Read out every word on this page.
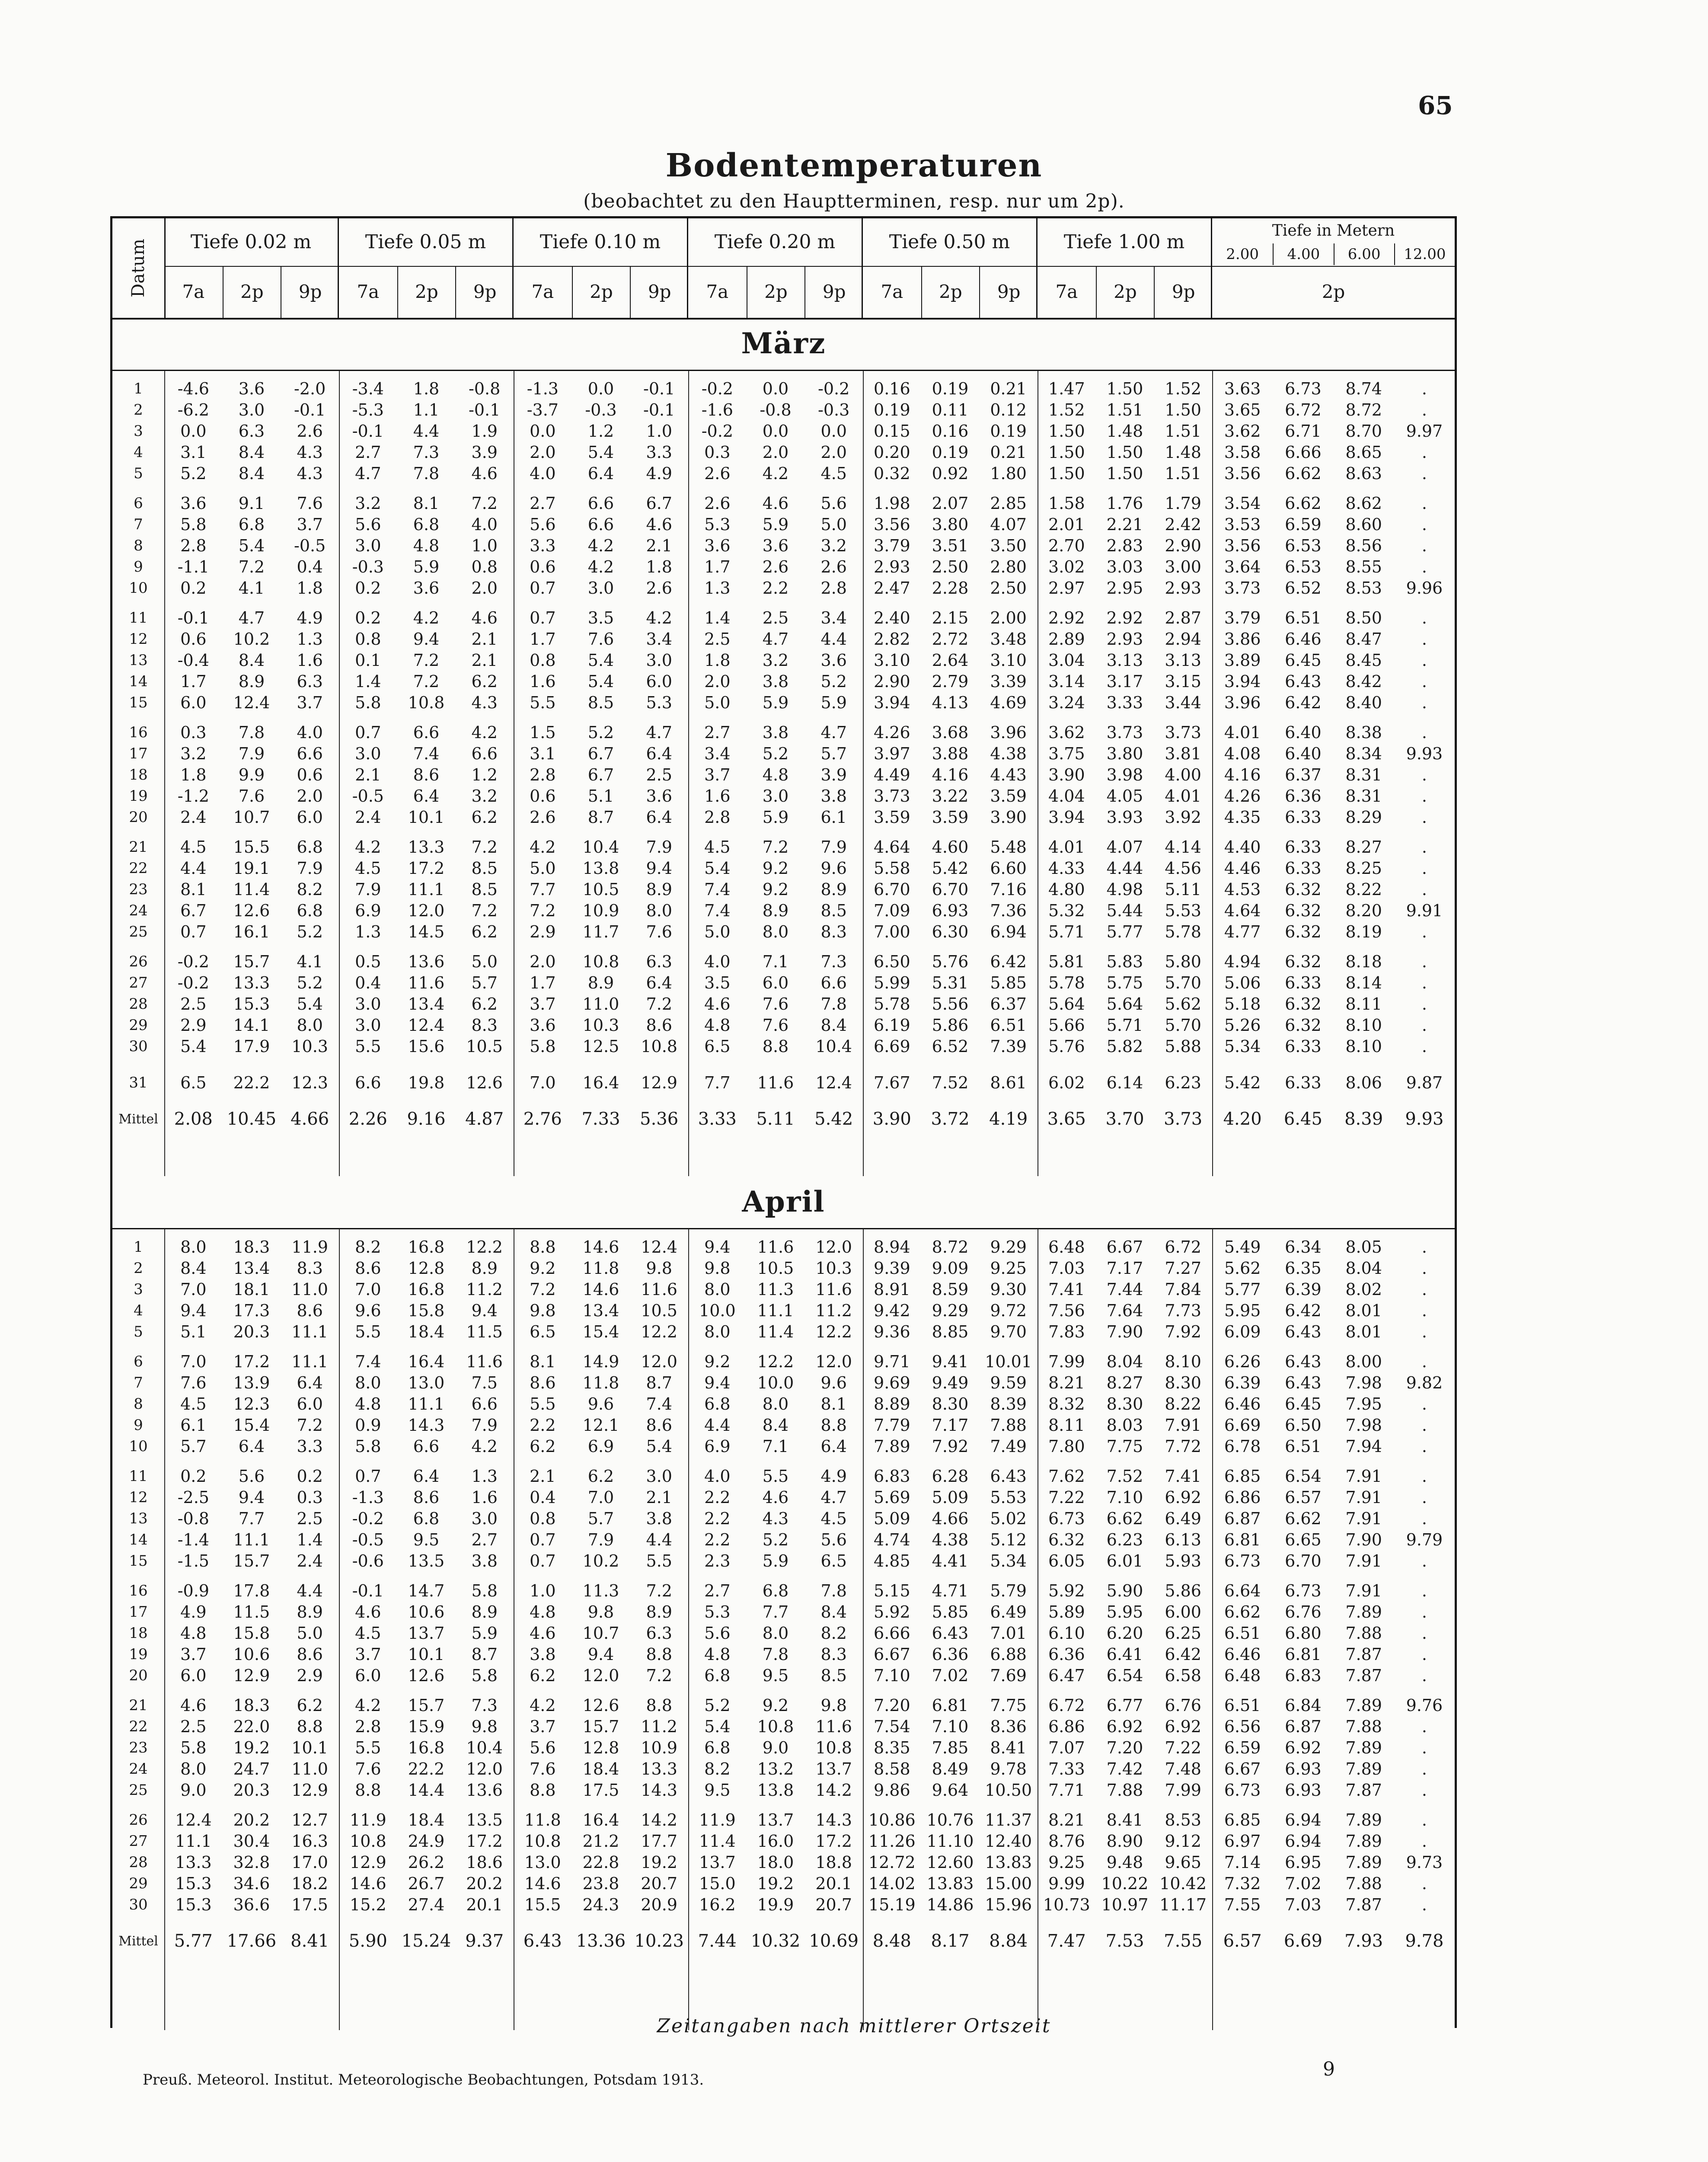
65
Bodentemperaturen
(beobachtet zu den Hauptterminen, resp. nur um 2p).
Datum	Tiefe 0.02 m
7a	2p	9p
Tiefe 0.05 m
7a	2p	9p
Tiefe 0.10 m
7a	2p	9p
Tiefe 0.20 m
7a	2p	9p
Tiefe 0.50 m
7a	2p	9p
Tiefe 1.00 m
7a	2p	9p
Tiefe in Metern
2.00	4.00	6.00	12.00
2p
März
1	-4.6	3.6	-2.0	-3.4	1.8	-0.8	-1.3	0.0	-0.1	-0.2	0.0	-0.2	0.16	0.19	0.21	1.47	1.50	1.52	3.63	6.73	8.74	.
2	-6.2	3.0	-0.1	-5.3	1.1	-0.1	-3.7	-0.3	-0.1	-1.6	-0.8	-0.3	0.19	0.11	0.12	1.52	1.51	1.50	3.65	6.72	8.72	.
3	0.0	6.3	2.6	-0.1	4.4	1.9	0.0	1.2	1.0	-0.2	0.0	0.0	0.15	0.16	0.19	1.50	1.48	1.51	3.62	6.71	8.70	9.97
4	3.1	8.4	4.3	2.7	7.3	3.9	2.0	5.4	3.3	0.3	2.0	2.0	0.20	0.19	0.21	1.50	1.50	1.48	3.58	6.66	8.65	.
5	5.2	8.4	4.3	4.7	7.8	4.6	4.0	6.4	4.9	2.6	4.2	4.5	0.32	0.92	1.80	1.50	1.50	1.51	3.56	6.62	8.63	.
6	3.6	9.1	7.6	3.2	8.1	7.2	2.7	6.6	6.7	2.6	4.6	5.6	1.98	2.07	2.85	1.58	1.76	1.79	3.54	6.62	8.62	.
7	5.8	6.8	3.7	5.6	6.8	4.0	5.6	6.6	4.6	5.3	5.9	5.0	3.56	3.80	4.07	2.01	2.21	2.42	3.53	6.59	8.60	.
8	2.8	5.4	-0.5	3.0	4.8	1.0	3.3	4.2	2.1	3.6	3.6	3.2	3.79	3.51	3.50	2.70	2.83	2.90	3.56	6.53	8.56	.
9	-1.1	7.2	0.4	-0.3	5.9	0.8	0.6	4.2	1.8	1.7	2.6	2.6	2.93	2.50	2.80	3.02	3.03	3.00	3.64	6.53	8.55	.
10	0.2	4.1	1.8	0.2	3.6	2.0	0.7	3.0	2.6	1.3	2.2	2.8	2.47	2.28	2.50	2.97	2.95	2.93	3.73	6.52	8.53	9.96
11	-0.1	4.7	4.9	0.2	4.2	4.6	0.7	3.5	4.2	1.4	2.5	3.4	2.40	2.15	2.00	2.92	2.92	2.87	3.79	6.51	8.50	.
12	0.6	10.2	1.3	0.8	9.4	2.1	1.7	7.6	3.4	2.5	4.7	4.4	2.82	2.72	3.48	2.89	2.93	2.94	3.86	6.46	8.47	.
13	-0.4	8.4	1.6	0.1	7.2	2.1	0.8	5.4	3.0	1.8	3.2	3.6	3.10	2.64	3.10	3.04	3.13	3.13	3.89	6.45	8.45	.
14	1.7	8.9	6.3	1.4	7.2	6.2	1.6	5.4	6.0	2.0	3.8	5.2	2.90	2.79	3.39	3.14	3.17	3.15	3.94	6.43	8.42	.
15	6.0	12.4	3.7	5.8	10.8	4.3	5.5	8.5	5.3	5.0	5.9	5.9	3.94	4.13	4.69	3.24	3.33	3.44	3.96	6.42	8.40	.
16	0.3	7.8	4.0	0.7	6.6	4.2	1.5	5.2	4.7	2.7	3.8	4.7	4.26	3.68	3.96	3.62	3.73	3.73	4.01	6.40	8.38	.
17	3.2	7.9	6.6	3.0	7.4	6.6	3.1	6.7	6.4	3.4	5.2	5.7	3.97	3.88	4.38	3.75	3.80	3.81	4.08	6.40	8.34	9.93
18	1.8	9.9	0.6	2.1	8.6	1.2	2.8	6.7	2.5	3.7	4.8	3.9	4.49	4.16	4.43	3.90	3.98	4.00	4.16	6.37	8.31	.
19	-1.2	7.6	2.0	-0.5	6.4	3.2	0.6	5.1	3.6	1.6	3.0	3.8	3.73	3.22	3.59	4.04	4.05	4.01	4.26	6.36	8.31	.
20	2.4	10.7	6.0	2.4	10.1	6.2	2.6	8.7	6.4	2.8	5.9	6.1	3.59	3.59	3.90	3.94	3.93	3.92	4.35	6.33	8.29	.
21	4.5	15.5	6.8	4.2	13.3	7.2	4.2	10.4	7.9	4.5	7.2	7.9	4.64	4.60	5.48	4.01	4.07	4.14	4.40	6.33	8.27	.
22	4.4	19.1	7.9	4.5	17.2	8.5	5.0	13.8	9.4	5.4	9.2	9.6	5.58	5.42	6.60	4.33	4.44	4.56	4.46	6.33	8.25	.
23	8.1	11.4	8.2	7.9	11.1	8.5	7.7	10.5	8.9	7.4	9.2	8.9	6.70	6.70	7.16	4.80	4.98	5.11	4.53	6.32	8.22	.
24	6.7	12.6	6.8	6.9	12.0	7.2	7.2	10.9	8.0	7.4	8.9	8.5	7.09	6.93	7.36	5.32	5.44	5.53	4.64	6.32	8.20	9.91
25	0.7	16.1	5.2	1.3	14.5	6.2	2.9	11.7	7.6	5.0	8.0	8.3	7.00	6.30	6.94	5.71	5.77	5.78	4.77	6.32	8.19	.
26	-0.2	15.7	4.1	0.5	13.6	5.0	2.0	10.8	6.3	4.0	7.1	7.3	6.50	5.76	6.42	5.81	5.83	5.80	4.94	6.32	8.18	.
27	-0.2	13.3	5.2	0.4	11.6	5.7	1.7	8.9	6.4	3.5	6.0	6.6	5.99	5.31	5.85	5.78	5.75	5.70	5.06	6.33	8.14	.
28	2.5	15.3	5.4	3.0	13.4	6.2	3.7	11.0	7.2	4.6	7.6	7.8	5.78	5.56	6.37	5.64	5.64	5.62	5.18	6.32	8.11	.
29	2.9	14.1	8.0	3.0	12.4	8.3	3.6	10.3	8.6	4.8	7.6	8.4	6.19	5.86	6.51	5.66	5.71	5.70	5.26	6.32	8.10	.
30	5.4	17.9	10.3	5.5	15.6	10.5	5.8	12.5	10.8	6.5	8.8	10.4	6.69	6.52	7.39	5.76	5.82	5.88	5.34	6.33	8.10	.
31	6.5	22.2	12.3	6.6	19.8	12.6	7.0	16.4	12.9	7.7	11.6	12.4	7.67	7.52	8.61	6.02	6.14	6.23	5.42	6.33	8.06	9.87
Mittel 2.08 10.45 4.66	2.26	9.16	4.87	2.76	7.33	5.36	3.33	5.11	5.42	3.90	3.72	4.19	3.65	3.70	3.73	4.20	6.45	8.39	9.93
April
1	8.0	18.3	11.9	8.2	16.8	12.2	8.8	14.6	12.4	9.4	11.6	12.0	8.94	8.72	9.29	6.48	6.67	6.72	5.49	6.34	8.05	.
2	8.4	13.4	8.3	8.6	12.8	8.9	9.2	11.8	9.8	9.8	10.5	10.3	9.39	9.09	9.25	7.03	7.17	7.27	5.62	6.35	8.04	.
3	7.0	18.1	11.0	7.0	16.8	11.2	7.2	14.6	11.6	8.0	11.3	11.6	8.91	8.59	9.30	7.41	7.44	7.84	5.77	6.39	8.02	.
4	9.4	17.3	8.6	9.6	15.8	9.4	9.8	13.4	10.5	10.0	11.1	11.2	9.42	9.29	9.72	7.56	7.64	7.73	5.95	6.42	8.01	.
5	5.1	20.3	11.1	5.5	18.4	11.5	6.5	15.4	12.2	8.0	11.4	12.2	9.36	8.85	9.70	7.83	7.90	7.92	6.09	6.43	8.01	.
6	7.0	17.2	11.1	7.4	16.4	11.6	8.1	14.9	12.0	9.2	12.2	12.0	9.71	9.41 10.01 7.99	8.04	8.10	6.26	6.43	8.00	.
7	7.6	13.9	6.4	8.0	13.0	7.5	8.6	11.8	8.7	9.4	10.0	9.6	9.69	9.49	9.59	8.21	8.27	8.30	6.39	6.43	7.98	9.82
8	4.5	12.3	6.0	4.8	11.1	6.6	5.5	9.6	7.4	6.8	8.0	8.1	8.89	8.30	8.39	8.32	8.30	8.22	6.46	6.45	7.95	.
9	6.1	15.4	7.2	0.9	14.3	7.9	2.2	12.1	8.6	4.4	8.4	8.8	7.79	7.17	7.88	8.11	8.03	7.91	6.69	6.50	7.98	.
10	5.7	6.4	3.3	5.8	6.6	4.2	6.2	6.9	5.4	6.9	7.1	6.4	7.89	7.92	7.49	7.80	7.75	7.72	6.78	6.51	7.94	.
11	0.2	5.6	0.2	0.7	6.4	1.3	2.1	6.2	3.0	4.0	5.5	4.9	6.83	6.28	6.43	7.62	7.52	7.41	6.85	6.54	7.91	.
12	-2.5	9.4	0.3	-1.3	8.6	1.6	0.4	7.0	2.1	2.2	4.6	4.7	5.69	5.09	5.53	7.22	7.10	6.92	6.86	6.57	7.91	.
13	-0.8	7.7	2.5	-0.2	6.8	3.0	0.8	5.7	3.8	2.2	4.3	4.5	5.09	4.66	5.02	6.73	6.62	6.49	6.87	6.62	7.91	.
14	-1.4	11.1	1.4	-0.5	9.5	2.7	0.7	7.9	4.4	2.2	5.2	5.6	4.74	4.38	5.12	6.32	6.23	6.13	6.81	6.65	7.90	9.79
15	-1.5	15.7	2.4	-0.6	13.5	3.8	0.7	10.2	5.5	2.3	5.9	6.5	4.85	4.41	5.34	6.05	6.01	5.93	6.73	6.70	7.91	.
16	-0.9	17.8	4.4	-0.1	14.7	5.8	1.0	11.3	7.2	2.7	6.8	7.8	5.15	4.71	5.79	5.92	5.90	5.86	6.64	6.73	7.91	.
17	4.9	11.5	8.9	4.6	10.6	8.9	4.8	9.8	8.9	5.3	7.7	8.4	5.92	5.85	6.49	5.89	5.95	6.00	6.62	6.76	7.89	.
18	4.8	15.8	5.0	4.5	13.7	5.9	4.6	10.7	6.3	5.6	8.0	8.2	6.66	6.43	7.01	6.10	6.20	6.25	6.51	6.80	7.88	.
19	3.7	10.6	8.6	3.7	10.1	8.7	3.8	9.4	8.8	4.8	7.8	8.3	6.67	6.36	6.88	6.36	6.41	6.42	6.46	6.81	7.87	.
20	6.0	12.9	2.9	6.0	12.6	5.8	6.2	12.0	7.2	6.8	9.5	8.5	7.10	7.02	7.69	6.47	6.54	6.58	6.48	6.83	7.87	.
21	4.6	18.3	6.2	4.2	15.7	7.3	4.2	12.6	8.8	5.2	9.2	9.8	7.20	6.81	7.75	6.72	6.77	6.76	6.51	6.84	7.89	9.76
22	2.5	22.0	8.8	2.8	15.9	9.8	3.7	15.7	11.2	5.4	10.8	11.6	7.54	7.10	8.36	6.86	6.92	6.92	6.56	6.87	7.88	.
23	5.8	19.2	10.1	5.5	16.8	10.4	5.6	12.8	10.9	6.8	9.0	10.8	8.35	7.85	8.41	7.07	7.20	7.22	6.59	6.92	7.89	.
24	8.0	24.7	11.0	7.6	22.2	12.0	7.6	18.4	13.3	8.2	13.2	13.7	8.58	8.49	9.78	7.33	7.42	7.48	6.67	6.93	7.89	.
25	9.0	20.3	12.9	8.8	14.4	13.6	8.8	17.5	14.3	9.5	13.8	14.2	9.86	9.64 10.50 7.71	7.88	7.99	6.73	6.93	7.87	.
26	12.4	20.2	12.7	11.9	18.4	13.5	11.8	16.4	14.2	11.9	13.7	14.3 10.86 10.76 11.37 8.21	8.41	8.53	6.85	6.94	7.89	.
27	11.1	30.4	16.3	10.8	24.9	17.2	10.8	21.2	17.7	11.4	16.0	17.2 11.26 11.10 12.40 8.76	8.90	9.12	6.97	6.94	7.89	.
28	13.3	32.8	17.0	12.9	26.2	18.6	13.0	22.8	19.2	13.7	18.0	18.8 12.72 12.60 13.83 9.25	9.48	9.65	7.14	6.95	7.89	9.73
29	15.3	34.6	18.2	14.6	26.7	20.2	14.6	23.8	20.7	15.0	19.2	20.1 14.02 13.83 15.00 9.99 10.22 10.42	7.32	7.02	7.88	.
30	15.3	36.6	17.5	15.2	27.4	20.1	15.5	24.3	20.9	16.2	19.9	20.7 15.19 14.86 15.96 10.73 10.97 11.17	7.55	7.03	7.87	.
Mittel 5.77 17.66 8.41	5.90 15.24 9.37	6.43 13.36 10.23 7.44 10.32 10.69 8.48	8.17	8.84	7.47	7.53	7.55	6.57	6.69	7.93	9.78
Zeitangaben nach mittlerer Ortszeit
Preuß. Meteorol. Institut. Meteorologische Beobachtungen, Potsdam 1913.	9
